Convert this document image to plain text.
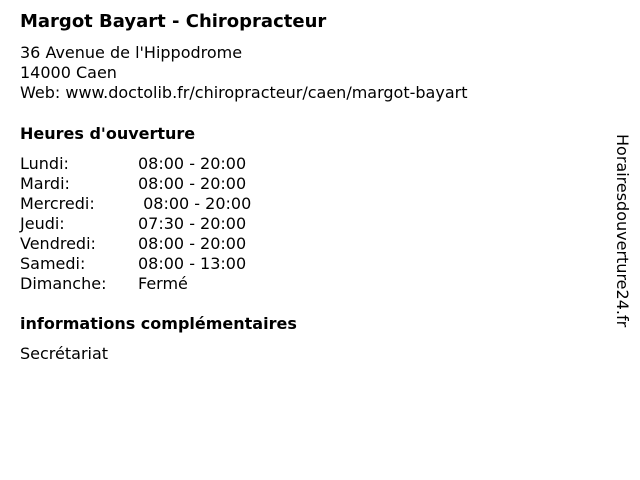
Margot Bayart - Chiropracteur
36 Avenue de l'Hippodrome
14000 Caen
Web: www.doctolib.fr/chiropracteur/caen/margot-bayart
Heures d'ouverture
Lundi:	08:00 - 20:00
Mardi:	08:00 - 20:00
Mercredi:	08:00 - 20:00
Jeudi:	07:30 - 20:00
Vendredi:	08:00 - 20:00
Samedi:	08:00 - 13:00
Dimanche: Fermé
informations complémentaires
Secrétariat
Horairesdouverture24.fr
